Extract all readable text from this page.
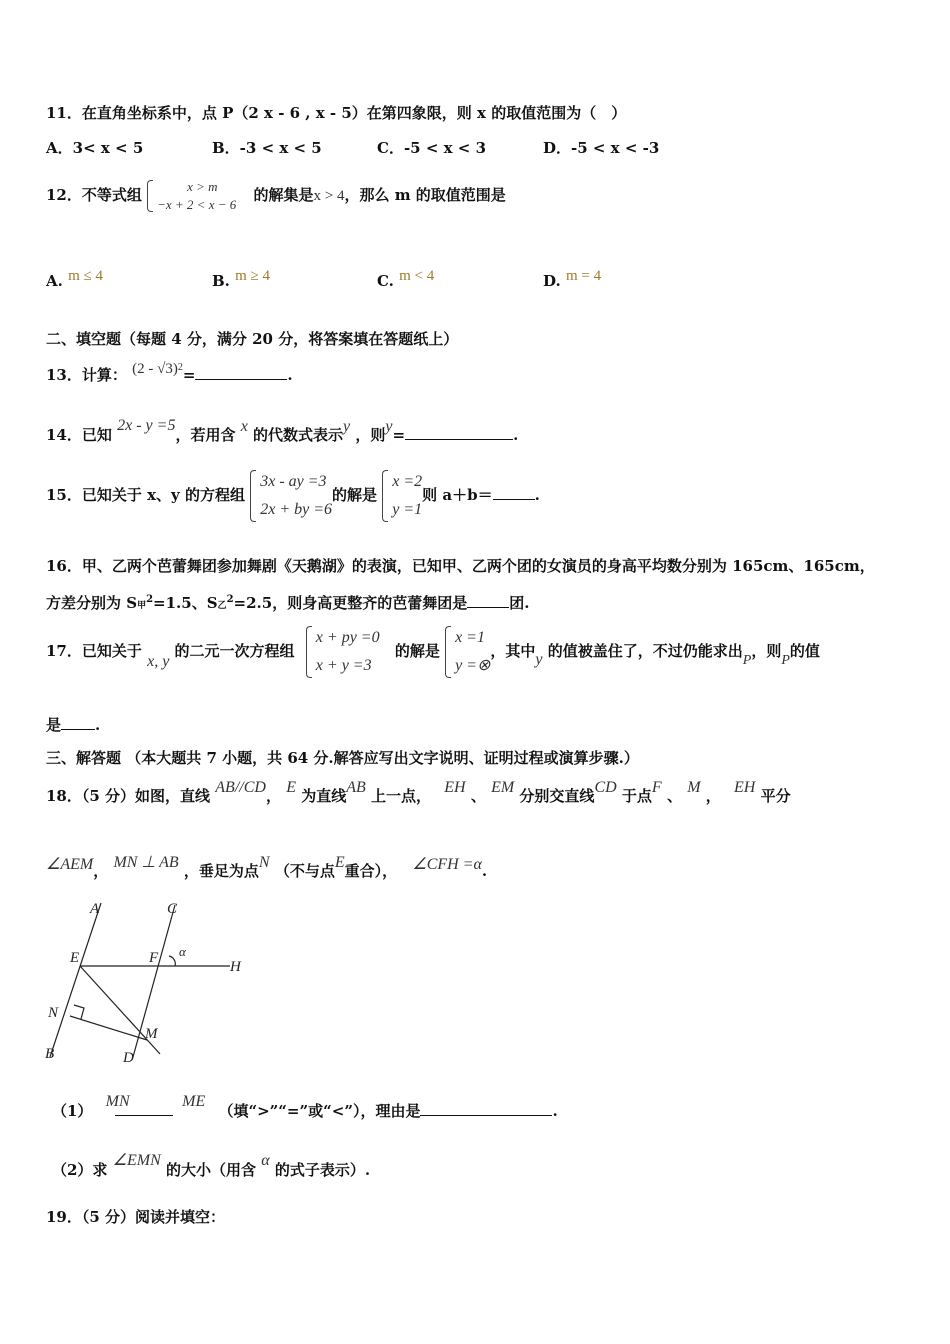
11．在直角坐标系中，点 P（2 x - 6 , x - 5）在第四象限，则 x 的取值范围为（　）
A．3< x < 5	B．-3 < x < 5	C．-5 < x < 3	D．-5 < x < -3
12．不等式组	x > m
−x + 2 < x − 6
的解集是x > 4，那么 m 的取值范围是
A. m ≤ 4	B. m ≥ 4	C. m < 4	D. m = 4
二、填空题（每题 4 分，满分 20 分，将答案填在答题纸上）
13．计算： (2 - √3)$^2$=	.
14．已知 2x - y =5，若用含 x 的代数式表示y ，则y=	.
15．已知关于 x、y 的方程组
3x - ay =3
2x + by =6
的解是
x =2
y =1
则 a＋b＝	.
16．甲、乙两个芭蕾舞团参加舞剧《天鹅湖》的表演，已知甲、乙两个团的女演员的身高平均数分别为 165cm、165cm，
方差分别为 S甲$^2$=1.5、S乙$^2$=2.5，则身高更整齐的芭蕾舞团是	团.
17．已知关于 x, y 的二元一次方程组
x + py =0
x + y =3
的解是
x =1
y =⊗
，其中y 的值被盖住了，不过仍能求出P，则P的值
是 .
三、解答题 （本大题共 7 小题，共 64 分.解答应写出文字说明、证明过程或演算步骤.）
18．（5 分）如图，直线 AB//CD， E 为直线AB 上一点， EH 、 EM 分别交直线CD 于点F 、 M ， EH 平分
∠AEM， MN ⊥ AB ，垂足为点N （不与点E重合）， ∠CFH =α.
A	C
E	F α
H
N
M
B	D
（1） MN	ME （填“>”“=”或“<”），理由是	.
（2）求 ∠EMN 的大小（用含 α 的式子表示）.
19．（5 分）阅读并填空：
